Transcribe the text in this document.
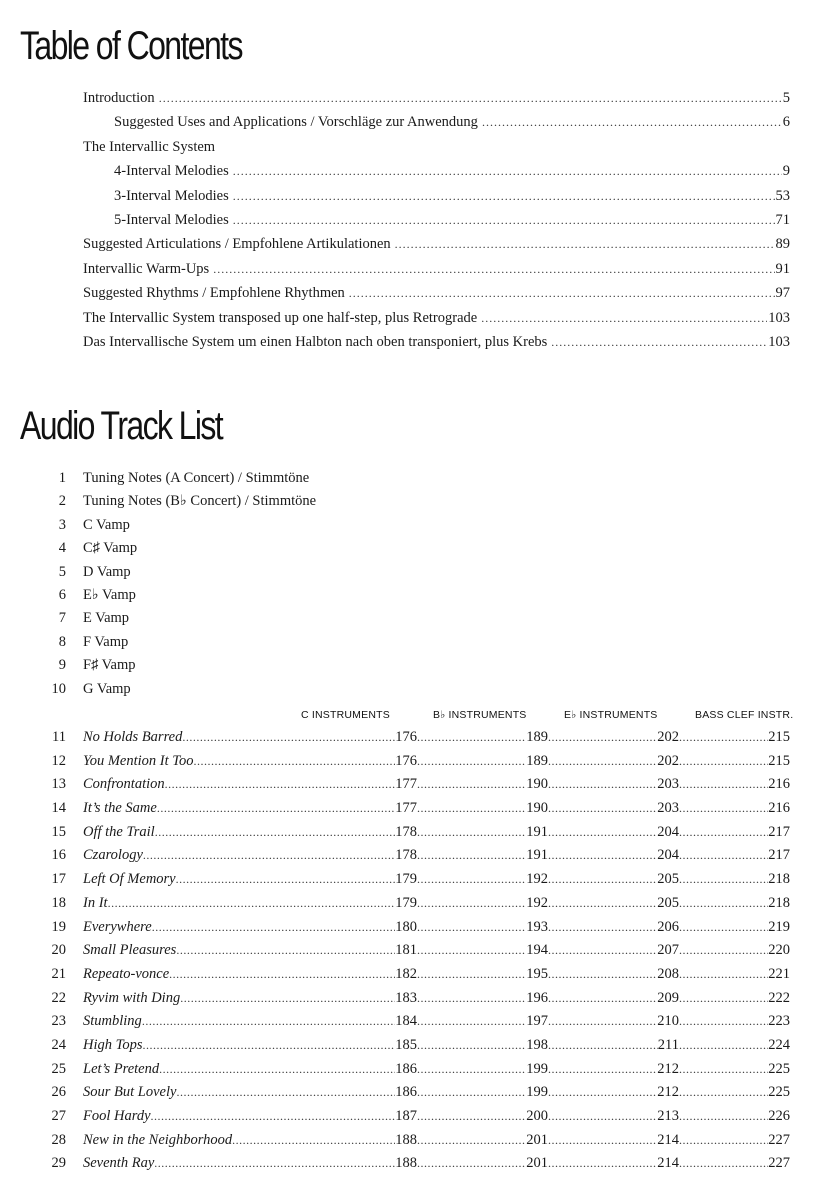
Table of Contents
Introduction .....	5
Suggested Uses and Applications / Vorschläge zur Anwendung .....	6
The Intervallic System
4-Interval Melodies .....	9
3-Interval Melodies .....	53
5-Interval Melodies .....	71
Suggested Articulations / Empfohlene Artikulationen .....	89
Intervallic Warm-Ups .....	91
Suggested Rhythms / Empfohlene Rhythmen .....	97
The Intervallic System transposed up one half-step, plus Retrograde .....	103
Das Intervallische System um einen Halbton nach oben transponiert, plus Krebs .....	103
Audio Track List
1	Tuning Notes (A Concert) / Stimmtöne
2	Tuning Notes (B♭ Concert) / Stimmtöne
3	C Vamp
4	C♯ Vamp
5	D Vamp
6	E♭ Vamp
7	E Vamp
8	F Vamp
9	F♯ Vamp
10	G Vamp
C INSTRUMENTS	B♭ INSTRUMENTS	E♭ INSTRUMENTS	BASS CLEF INSTR.
11 No Holds Barred .....	176 .....	189 .....	202 .....	215
12 You Mention It Too .....	176 .....	189 .....	202 .....	215
13 Confrontation .....	177 .....	190 .....	203 .....	216
14 It’s the Same .....	177 .....	190 .....	203 .....	216
15 Off the Trail .....	178 .....	191 .....	204 .....	217
16 Czarology .....	178 .....	191 .....	204 .....	217
17 Left Of Memory .....	179 .....	192 .....	205 .....	218
18 In It .....	179 .....	192 .....	205 .....	218
19 Everywhere .....	180 .....	193 .....	206 .....	219
20 Small Pleasures .....	181 .....	194 .....	207 .....	220
21 Repeato-vonce .....	182 .....	195 .....	208 .....	221
22 Ryvim with Ding .....	183 .....	196 .....	209 .....	222
23 Stumbling .....	184 .....	197 .....	210 .....	223
24 High Tops .....	185 .....	198 .....	211 .....	224
25 Let’s Pretend .....	186 .....	199 .....	212 .....	225
26 Sour But Lovely .....	186 .....	199 .....	212 .....	225
27 Fool Hardy .....	187 .....	200 .....	213 .....	226
28 New in the Neighborhood .....	188 .....	201 .....	214 .....	227
29 Seventh Ray .....	188 .....	201 .....	214 .....	227
